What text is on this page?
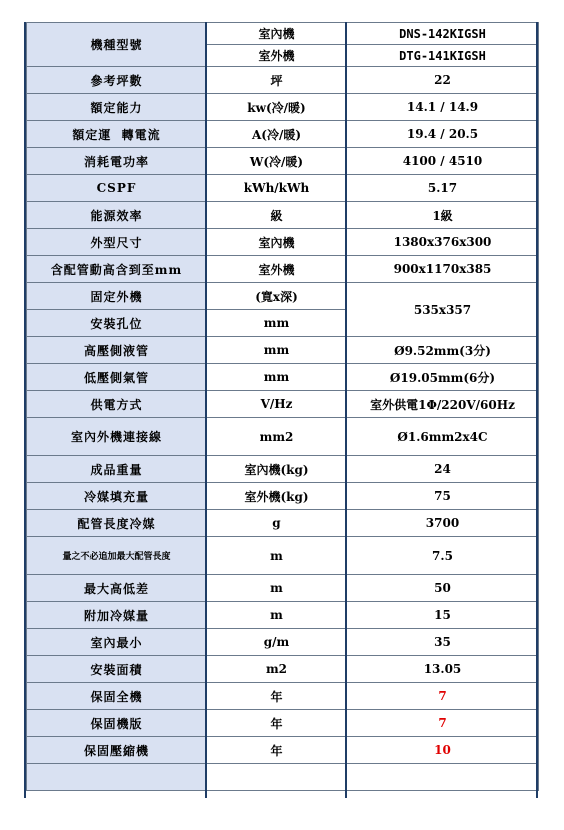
機種型號	室內機	DNS-142KIGSH
	室外機	DTG-141KIGSH
參考坪數	坪	22
額定能力	kw(冷/暖)	14.1 / 14.9
額定運  轉電流	A(冷/暖)	19.4 / 20.5
消耗電功率	W(冷/暖)	4100 / 4510
CSPF	kWh/kWh	5.17
能源效率	級	1級
外型尺寸	室內機	1380x376x300
含配管動高含到至mm	室外機	900x1170x385
固定外機	(寬x深)	535x357
安裝孔位	mm	
高壓側液管	mm	Ø9.52mm(3分)
低壓側氣管	mm	Ø19.05mm(6分)
供電方式	V/Hz	室外供電1Φ/220V/60Hz
室內外機連接線	mm2	Ø1.6mm2x4C
成品重量	室內機(kg)	24
冷媒填充量	室外機(kg)	75
配管長度冷媒	g	3700
量之不必追加最大配管長度	m	7.5
最大高低差	m	50
附加冷媒量	m	15
室內最小	g/m	35
安裝面積	m2	13.05
保固全機	年	7
保固機版	年	7
保固壓縮機	年	10
